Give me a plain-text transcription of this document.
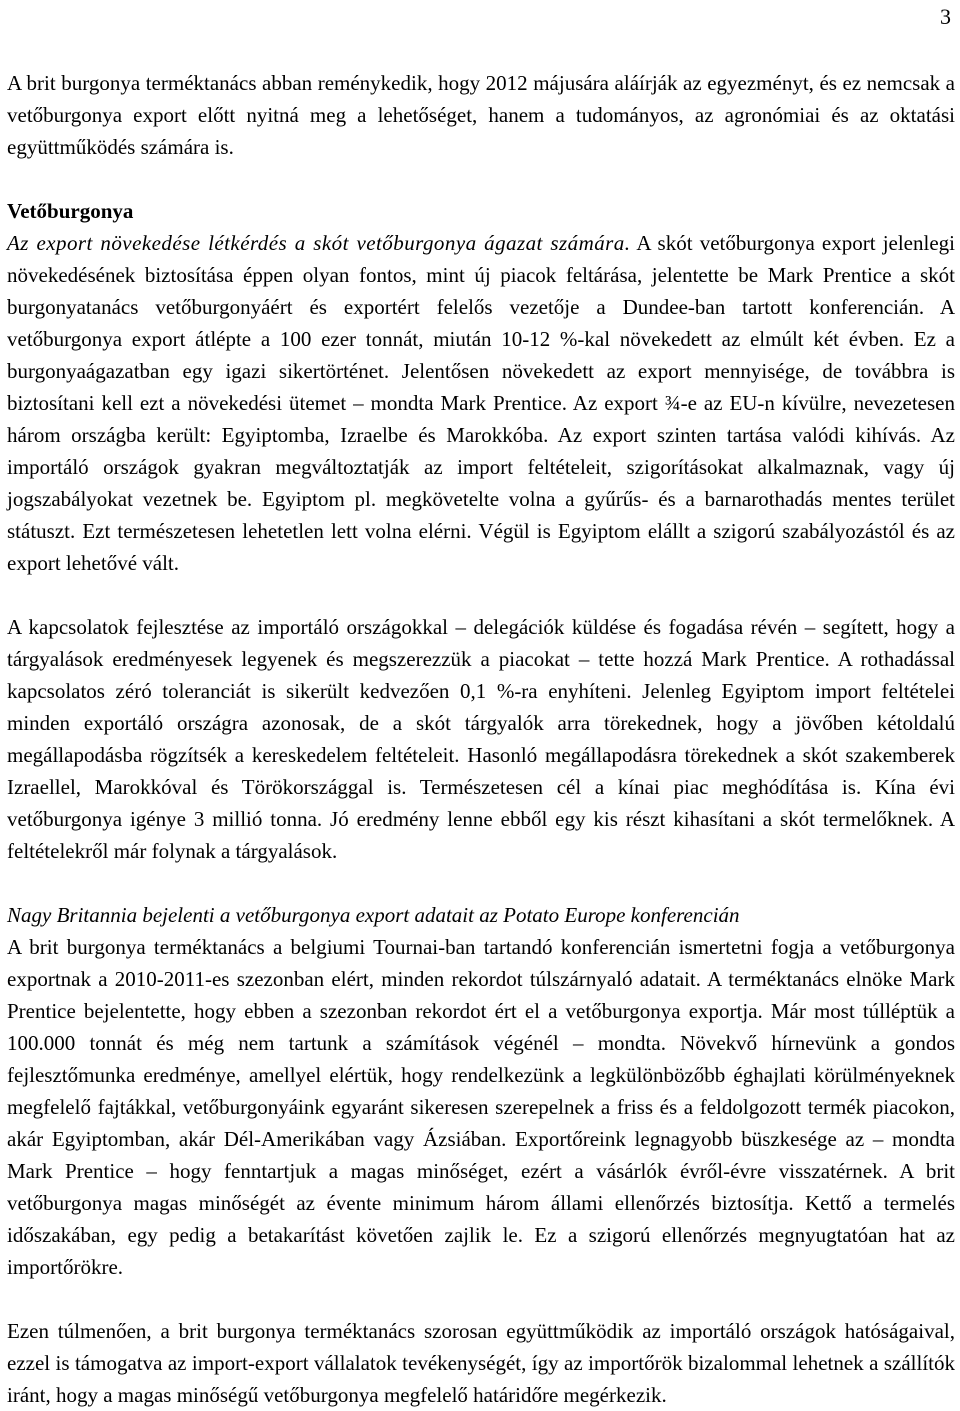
3

A brit burgonya terméktanács abban reménykedik, hogy 2012 májusára aláírják az egyezményt, és ez nemcsak a vetőburgonya export előtt nyitná meg a lehetőséget, hanem a tudományos, az agronómiai és az oktatási együttműködés számára is.

Vetőburgonya

Az export növekedése létkérdés a skót vetőburgonya ágazat számára. A skót vetőburgonya export jelenlegi növekedésének biztosítása éppen olyan fontos, mint új piacok feltárása, jelentette be Mark Prentice a skót burgonyatanács vetőburgonyáért és exportért felelős vezetője a Dundee-ban tartott konferencián. A vetőburgonya export átlépte a 100 ezer tonnát, miután 10-12 %-kal növekedett az elmúlt két évben. Ez a burgonyaágazatban egy igazi sikertörténet. Jelentősen növekedett az export mennyisége, de továbbra is biztosítani kell ezt a növekedési ütemet – mondta Mark Prentice. Az export ¾-e az EU-n kívülre, nevezetesen három országba került: Egyiptomba, Izraelbe és Marokkóba. Az export szinten tartása valódi kihívás. Az importáló országok gyakran megváltoztatják az import feltételeit, szigorításokat alkalmaznak, vagy új jogszabályokat vezetnek be. Egyiptom pl. megkövetelte volna a gyűrűs- és a barnarothadás mentes terület státuszt. Ezt természetesen lehetetlen lett volna elérni. Végül is Egyiptom elállt a szigorú szabályozástól és az export lehetővé vált.

A kapcsolatok fejlesztése az importáló országokkal – delegációk küldése és fogadása révén – segített, hogy a tárgyalások eredményesek legyenek és megszerezzük a piacokat – tette hozzá Mark Prentice. A rothadással kapcsolatos zéró toleranciát is sikerült kedvezően 0,1 %-ra enyhíteni. Jelenleg Egyiptom import feltételei minden exportáló országra azonosak, de a skót tárgyalók arra törekednek, hogy a jövőben kétoldalú megállapodásba rögzítsék a kereskedelem feltételeit. Hasonló megállapodásra törekednek a skót szakemberek Izraellel, Marokkóval és Törökországgal is. Természetesen cél a kínai piac meghódítása is. Kína évi vetőburgonya igénye 3 millió tonna. Jó eredmény lenne ebből egy kis részt kihasítani a skót termelőknek. A feltételekről már folynak a tárgyalások.

Nagy Britannia bejelenti a vetőburgonya export adatait az Potato Europe konferencián

A brit burgonya terméktanács a belgiumi Tournai-ban tartandó konferencián ismertetni fogja a vetőburgonya exportnak a 2010-2011-es szezonban elért, minden rekordot túlszárnyaló adatait. A terméktanács elnöke Mark Prentice bejelentette, hogy ebben a szezonban rekordot ért el a vetőburgonya exportja. Már most túlléptük a 100.000 tonnát és még nem tartunk a számítások végénél – mondta. Növekvő hírnevünk a gondos fejlesztőmunka eredménye, amellyel elértük, hogy rendelkezünk a legkülönbözőbb éghajlati körülményeknek megfelelő fajtákkal, vetőburgonyáink egyaránt sikeresen szerepelnek a friss és a feldolgozott termék piacokon, akár Egyiptomban, akár Dél-Amerikában vagy Ázsiában. Exportőreink legnagyobb büszkesége az – mondta Mark Prentice – hogy fenntartjuk a magas minőséget, ezért a vásárlók évről-évre visszatérnek. A brit vetőburgonya magas minőségét az évente minimum három állami ellenőrzés biztosítja. Kettő a termelés időszakában, egy pedig a betakarítást követően zajlik le. Ez a szigorú ellenőrzés megnyugtatóan hat az importőrökre.

Ezen túlmenően, a brit burgonya terméktanács szorosan együttműködik az importáló országok hatóságaival, ezzel is támogatva az import-export vállalatok tevékenységét, így az importőrök bizalommal lehetnek a szállítók iránt, hogy a magas minőségű vetőburgonya megfelelő határidőre megérkezik.
